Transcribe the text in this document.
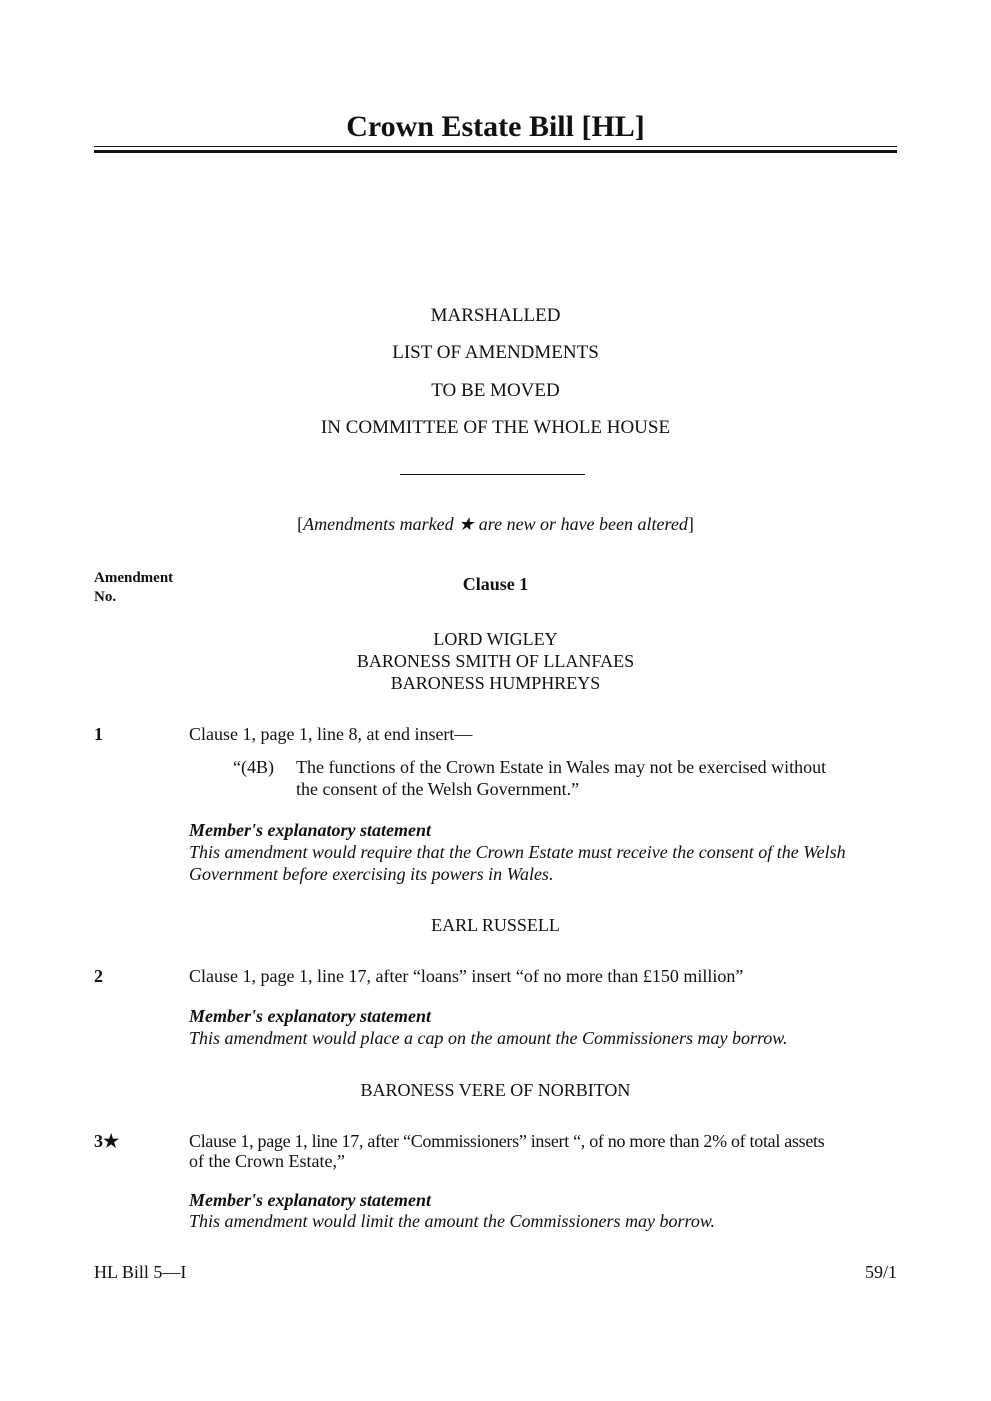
Crown Estate Bill [HL]
MARSHALLED
LIST OF AMENDMENTS
TO BE MOVED
IN COMMITTEE OF THE WHOLE HOUSE
[Amendments marked ★ are new or have been altered]
Amendment
No.
Clause 1
LORD WIGLEY
BARONESS SMITH OF LLANFAES
BARONESS HUMPHREYS
1	Clause 1, page 1, line 8, at end insert—
“(4B) The functions of the Crown Estate in Wales may not be exercised without
the consent of the Welsh Government.”
Member's explanatory statement
This amendment would require that the Crown Estate must receive the consent of the Welsh
Government before exercising its powers in Wales.
EARL RUSSELL
2	Clause 1, page 1, line 17, after “loans” insert “of no more than £150 million”
Member's explanatory statement
This amendment would place a cap on the amount the Commissioners may borrow.
BARONESS VERE OF NORBITON
3★	Clause 1, page 1, line 17, after “Commissioners” insert “, of no more than 2% of total assets
of the Crown Estate,”
Member's explanatory statement
This amendment would limit the amount the Commissioners may borrow.
HL Bill 5—I	59/1
